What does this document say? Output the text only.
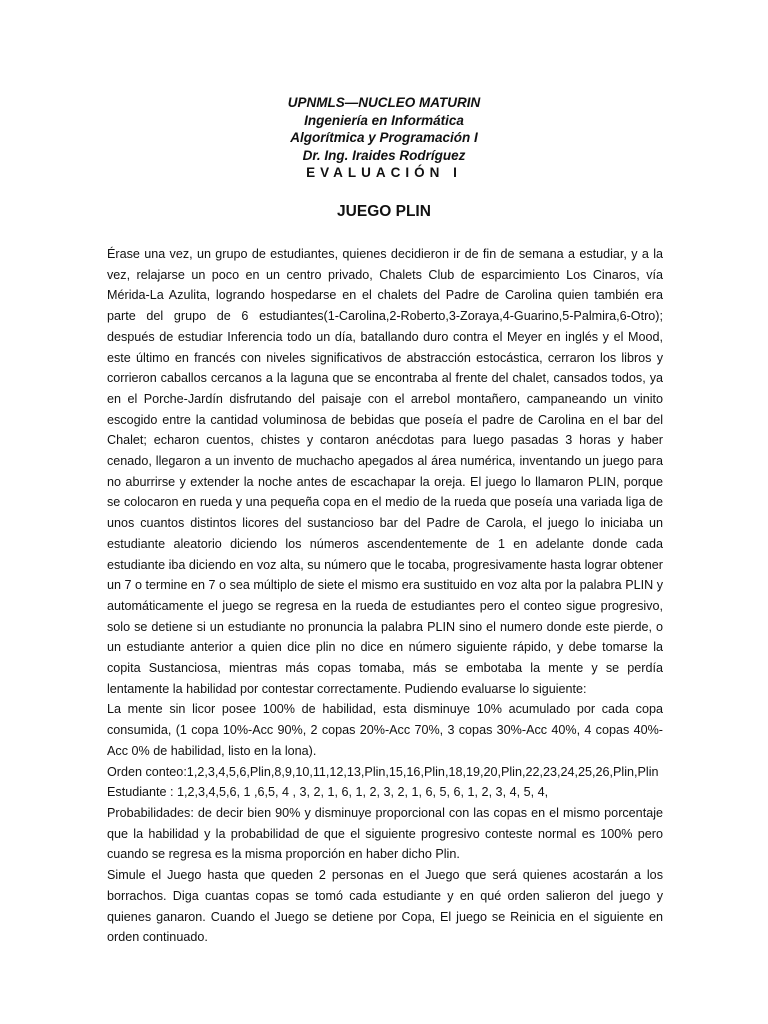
UPNMLS—NUCLEO MATURIN
Ingeniería en Informática
Algorítmica y Programación I
Dr. Ing. Iraides Rodríguez
EVALUACIÓN I
JUEGO PLIN

Érase una vez, un grupo de estudiantes, quienes decidieron ir de fin de semana a estudiar, y a la vez, relajarse un poco en un centro privado, Chalets Club de esparcimiento Los Cinaros, vía Mérida-La Azulita, logrando hospedarse en el chalets del Padre de Carolina quien también era parte del grupo de 6 estudiantes(1-Carolina,2-Roberto,3-Zoraya,4-Guarino,5-Palmira,6-Otro); después de estudiar Inferencia todo un día, batallando duro contra el Meyer en inglés y el Mood, este último en francés con niveles significativos de abstracción estocástica, cerraron los libros y corrieron caballos cercanos a la laguna que se encontraba al frente del chalet, cansados todos, ya en el Porche-Jardín disfrutando del paisaje con el arrebol montañero, campaneando un vinito escogido entre la cantidad voluminosa de bebidas que poseía el padre de Carolina en el bar del Chalet; echaron cuentos, chistes y contaron anécdotas para luego pasadas 3 horas y haber cenado, llegaron a un invento de muchacho apegados al área numérica, inventando un juego para no aburrirse y extender la noche antes de escachapar la oreja. El juego lo llamaron PLIN, porque se colocaron en rueda y una pequeña copa en el medio de la rueda que poseía una variada liga de unos cuantos distintos licores del sustancioso bar del Padre de Carola, el juego lo iniciaba un estudiante aleatorio diciendo los números ascendentemente de 1 en adelante donde cada estudiante iba diciendo en voz alta, su número que le tocaba, progresivamente hasta lograr obtener un 7 o termine en 7 o sea múltiplo de siete el mismo era sustituido en voz alta por la palabra PLIN y automáticamente el juego se regresa en la rueda de estudiantes pero el conteo sigue progresivo, solo se detiene si un estudiante no pronuncia la palabra PLIN sino el numero donde este pierde, o un estudiante anterior a quien dice plin no dice en número siguiente rápido, y debe tomarse la copita Sustanciosa, mientras más copas tomaba, más se embotaba la mente y se perdía lentamente la habilidad por contestar correctamente. Pudiendo evaluarse lo siguiente:

La mente sin licor posee 100% de habilidad, esta disminuye 10% acumulado por cada copa consumida, (1 copa 10%-Acc 90%, 2 copas 20%-Acc 70%, 3 copas 30%-Acc 40%, 4 copas 40%-Acc 0% de habilidad, listo en la lona).

Orden conteo:1,2,3,4,5,6,Plin,8,9,10,11,12,13,Plin,15,16,Plin,18,19,20,Plin,22,23,24,25,26,Plin,Plin

Estudiante : 1,2,3,4,5,6, 1 ,6,5, 4 , 3, 2, 1, 6, 1, 2, 3, 2, 1, 6, 5, 6, 1, 2, 3, 4, 5, 4,

Probabilidades: de decir bien 90% y disminuye proporcional con las copas en el mismo porcentaje que la habilidad y la probabilidad de que el siguiente progresivo conteste normal es 100% pero cuando se regresa es la misma proporción en haber dicho Plin.

Simule el Juego hasta que queden 2 personas en el Juego que será quienes acostarán a los borrachos. Diga cuantas copas se tomó cada estudiante y en qué orden salieron del juego y quienes ganaron. Cuando el Juego se detiene por Copa, El juego se Reinicia en el siguiente en orden continuado.
